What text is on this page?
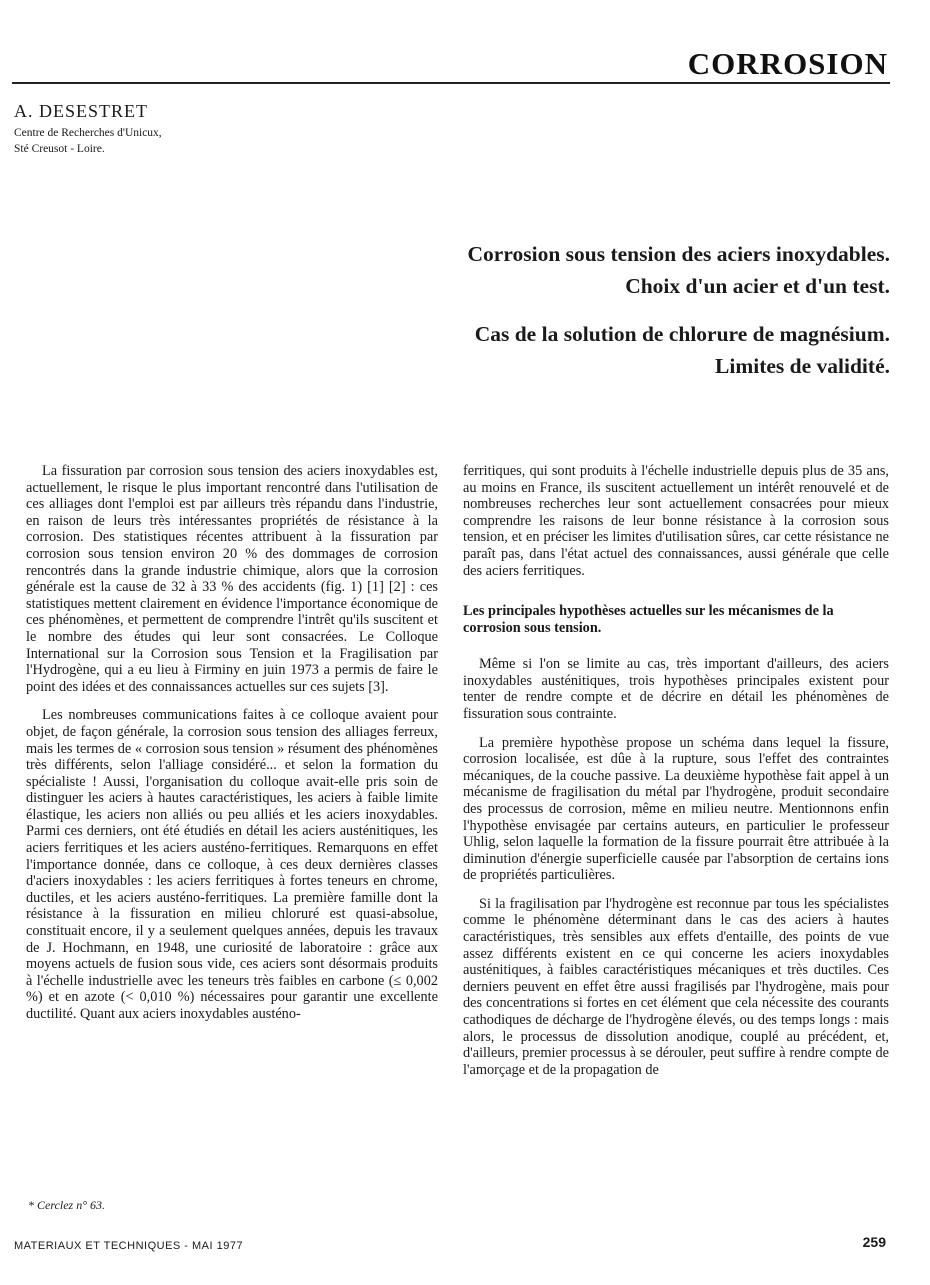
CORROSION
A. DESESTRET
Centre de Recherches d'Unicux,
Sté Creusot - Loire.
Corrosion sous tension des aciers inoxydables.
Choix d'un acier et d'un test.
Cas de la solution de chlorure de magnésium.
Limites de validité.

La fissuration par corrosion sous tension des aciers inoxydables est, actuellement, le risque le plus important rencontré dans l'utilisation de ces alliages dont l'emploi est par ailleurs très répandu dans l'industrie, en raison de leurs très intéressantes propriétés de résistance à la corrosion. Des statistiques récentes attribuent à la fissuration par corrosion sous tension environ 20 % des dommages de corrosion rencontrés dans la grande industrie chimique, alors que la corrosion générale est la cause de 32 à 33 % des accidents (fig. 1) [1] [2] : ces statistiques mettent clairement en évidence l'importance économique de ces phénomènes, et permettent de comprendre l'intrêt qu'ils suscitent et le nombre des études qui leur sont consacrées. Le Colloque International sur la Corrosion sous Tension et la Fragilisation par l'Hydrogène, qui a eu lieu à Firminy en juin 1973 a permis de faire le point des idées et des connaissances actuelles sur ces sujets [3].

Les nombreuses communications faites à ce colloque avaient pour objet, de façon générale, la corrosion sous tension des alliages ferreux, mais les termes de « corrosion sous tension » résument des phénomènes très différents, selon l'alliage considéré... et selon la formation du spécialiste ! Aussi, l'organisation du colloque avait-elle pris soin de distinguer les aciers à hautes caractéristiques, les aciers à faible limite élastique, les aciers non alliés ou peu alliés et les aciers inoxydables. Parmi ces derniers, ont été étudiés en détail les aciers austénitiques, les aciers ferritiques et les aciers austéno-ferritiques. Remarquons en effet l'importance donnée, dans ce colloque, à ces deux dernières classes d'aciers inoxydables : les aciers ferritiques à fortes teneurs en chrome, ductiles, et les aciers austéno-ferritiques. La première famille dont la résistance à la fissuration en milieu chloruré est quasi-absolue, constituait encore, il y a seulement quelques années, depuis les travaux de J. Hochmann, en 1948, une curiosité de laboratoire : grâce aux moyens actuels de fusion sous vide, ces aciers sont désormais produits à l'échelle industrielle avec les teneurs très faibles en carbone (≤ 0,002 %) et en azote (< 0,010 %) nécessaires pour garantir une excellente ductilité. Quant aux aciers inoxydables austéno-

ferritiques, qui sont produits à l'échelle industrielle depuis plus de 35 ans, au moins en France, ils suscitent actuellement un intérêt renouvelé et de nombreuses recherches leur sont actuellement consacrées pour mieux comprendre les raisons de leur bonne résistance à la corrosion sous tension, et en préciser les limites d'utilisation sûres, car cette résistance ne paraît pas, dans l'état actuel des connaissances, aussi générale que celle des aciers ferritiques.

Les principales hypothèses actuelles sur les mécanismes de la corrosion sous tension.

Même si l'on se limite au cas, très important d'ailleurs, des aciers inoxydables austénitiques, trois hypothèses principales existent pour tenter de rendre compte et de décrire en détail les phénomènes de fissuration sous contrainte.

La première hypothèse propose un schéma dans lequel la fissure, corrosion localisée, est dûe à la rupture, sous l'effet des contraintes mécaniques, de la couche passive. La deuxième hypothèse fait appel à un mécanisme de fragilisation du métal par l'hydrogène, produit secondaire des processus de corrosion, même en milieu neutre. Mentionnons enfin l'hypothèse envisagée par certains auteurs, en particulier le professeur Uhlig, selon laquelle la formation de la fissure pourrait être attribuée à la diminution d'énergie superficielle causée par l'absorption de certains ions de propriétés particulières.

Si la fragilisation par l'hydrogène est reconnue par tous les spécialistes comme le phénomène déterminant dans le cas des aciers à hautes caractéristiques, très sensibles aux effets d'entaille, des points de vue assez différents existent en ce qui concerne les aciers inoxydables austénitiques, à faibles caractéristiques mécaniques et très ductiles. Ces derniers peuvent en effet être aussi fragilisés par l'hydrogène, mais pour des concentrations si fortes en cet élément que cela nécessite des courants cathodiques de décharge de l'hydrogène élevés, ou des temps longs : mais alors, le processus de dissolution anodique, couplé au précédent, et, d'ailleurs, premier processus à se dérouler, peut suffire à rendre compte de l'amorçage et de la propagation de

* Cerclez n° 63.
MATERIAUX ET TECHNIQUES - MAI 1977	259
